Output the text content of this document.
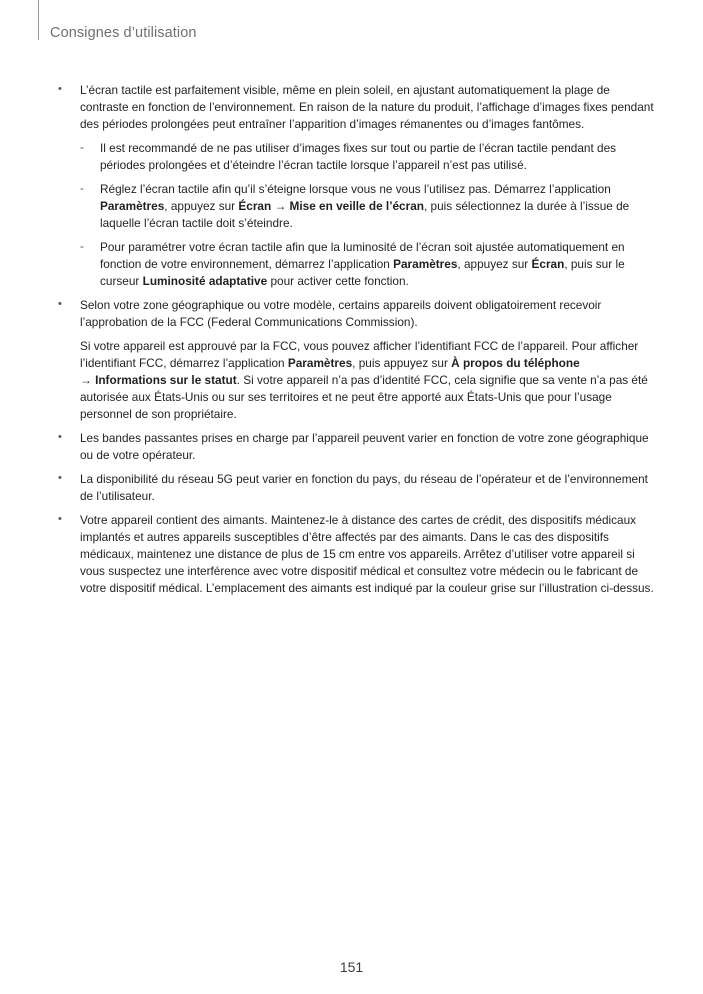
Consignes d’utilisation
•	L’écran tactile est parfaitement visible, même en plein soleil, en ajustant automatiquement la plage de contraste en fonction de l’environnement. En raison de la nature du produit, l’affichage d’images fixes pendant des périodes prolongées peut entraîner l’apparition d’images rémanentes ou d’images fantômes.

- Il est recommandé de ne pas utiliser d’images fixes sur tout ou partie de l’écran tactile pendant des périodes prolongées et d’éteindre l’écran tactile lorsque l’appareil n’est pas utilisé.
- Réglez l’écran tactile afin qu’il s’éteigne lorsque vous ne vous l’utilisez pas. Démarrez l’application Paramètres, appuyez sur Écran → Mise en veille de l’écran, puis sélectionnez la durée à l’issue de laquelle l’écran tactile doit s’éteindre.
- Pour paramétrer votre écran tactile afin que la luminosité de l’écran soit ajustée automatiquement en fonction de votre environnement, démarrez l’application Paramètres, appuyez sur Écran, puis sur le curseur Luminosité adaptative pour activer cette fonction.
•	Selon votre zone géographique ou votre modèle, certains appareils doivent obligatoirement recevoir l’approbation de la FCC (Federal Communications Commission).

Si votre appareil est approuvé par la FCC, vous pouvez afficher l’identifiant FCC de l’appareil. Pour afficher l’identifiant FCC, démarrez l’application Paramètres, puis appuyez sur À propos du téléphone
→ Informations sur le statut. Si votre appareil n’a pas d’identité FCC, cela signifie que sa vente n’a pas été autorisée aux États-Unis ou sur ses territoires et ne peut être apporté aux États-Unis que pour l’usage personnel de son propriétaire.

•	Les bandes passantes prises en charge par l’appareil peuvent varier en fonction de votre zone géographique ou de votre opérateur.

•	La disponibilité du réseau 5G peut varier en fonction du pays, du réseau de l’opérateur et de l’environnement de l’utilisateur.

•	Votre appareil contient des aimants. Maintenez-le à distance des cartes de crédit, des dispositifs médicaux implantés et autres appareils susceptibles d’être affectés par des aimants. Dans le cas des dispositifs médicaux, maintenez une distance de plus de 15 cm entre vos appareils. Arrêtez d’utiliser votre appareil si vous suspectez une interférence avec votre dispositif médical et consultez votre médecin ou le fabricant de votre dispositif médical. L’emplacement des aimants est indiqué par la couleur grise sur l’illustration ci-dessus.

151
